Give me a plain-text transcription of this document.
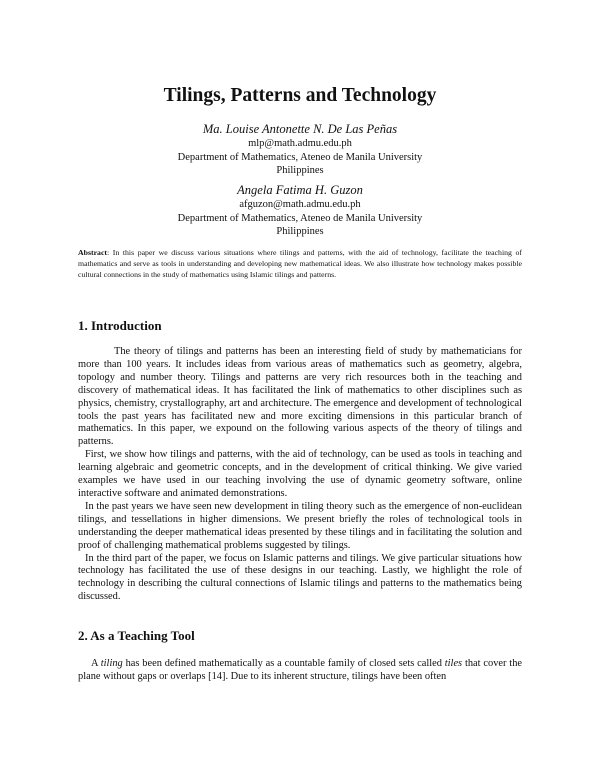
Tilings, Patterns and Technology
Ma. Louise Antonette N. De Las Peñas
mlp@math.admu.edu.ph
Department of Mathematics, Ateneo de Manila University
Philippines
Angela Fatima H. Guzon
afguzon@math.admu.edu.ph
Department of Mathematics, Ateneo de Manila University
Philippines
Abstract: In this paper we discuss various situations where tilings and patterns, with the aid of technology, facilitate the teaching of mathematics and serve as tools in understanding and developing new mathematical ideas. We also illustrate how technology makes possible cultural connections in the study of mathematics using Islamic tilings and patterns.
1. Introduction

The theory of tilings and patterns has been an interesting field of study by mathematicians for more than 100 years. It includes ideas from various areas of mathematics such as geometry, algebra, topology and number theory. Tilings and patterns are very rich resources both in the teaching and discovery of mathematical ideas. It has facilitated the link of mathematics to other disciplines such as physics, chemistry, crystallography, art and architecture. The emergence and development of technological tools the past years has facilitated new and more exciting dimensions in this particular branch of mathematics. In this paper, we expound on the following various aspects of the theory of tilings and patterns.

First, we show how tilings and patterns, with the aid of technology, can be used as tools in teaching and learning algebraic and geometric concepts, and in the development of critical thinking. We give varied examples we have used in our teaching involving the use of dynamic geometry software, online interactive software and animated demonstrations.

In the past years we have seen new development in tiling theory such as the emergence of non-euclidean tilings, and tessellations in higher dimensions. We present briefly the roles of technological tools in understanding the deeper mathematical ideas presented by these tilings and in facilitating the solution and proof of challenging mathematical problems suggested by tilings.

In the third part of the paper, we focus on Islamic patterns and tilings. We give particular situations how technology has facilitated the use of these designs in our teaching. Lastly, we highlight the role of technology in describing the cultural connections of Islamic tilings and patterns to the mathematics being discussed.

2. As a Teaching Tool

A tiling has been defined mathematically as a countable family of closed sets called tiles that cover the plane without gaps or overlaps [14]. Due to its inherent structure, tilings have been often
